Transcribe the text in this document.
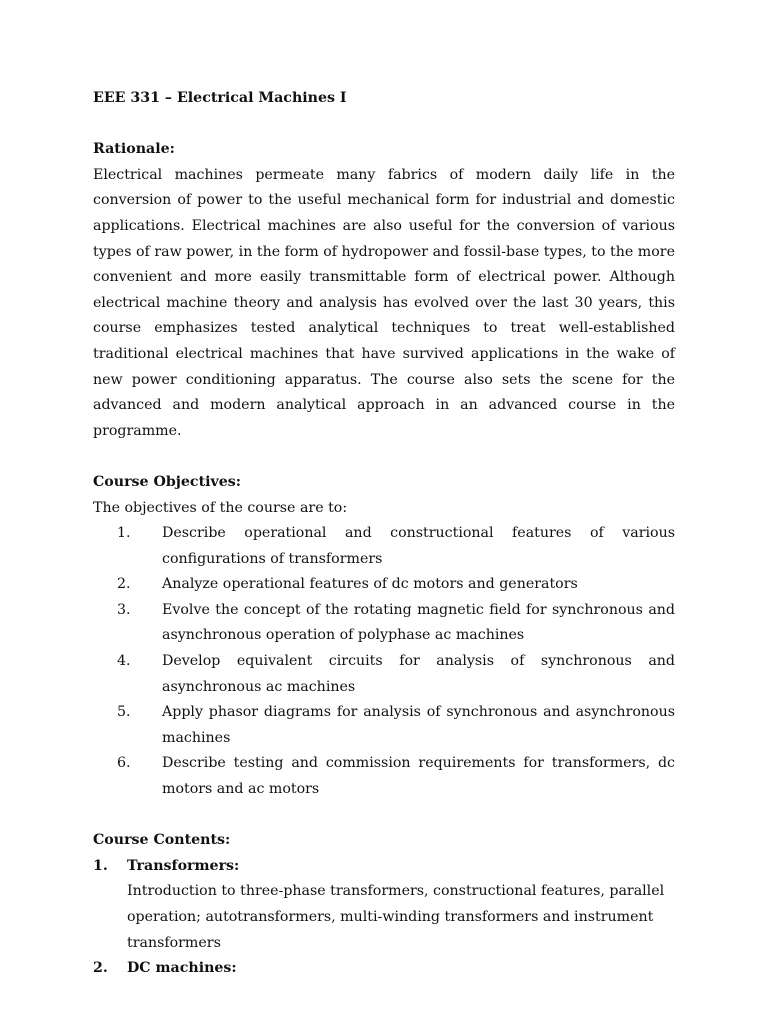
EEE 331 – Electrical Machines I
Rationale:
Electrical machines permeate many fabrics of modern daily life in the conversion of power to the useful mechanical form for industrial and domestic applications. Electrical machines are also useful for the conversion of various types of raw power, in the form of hydropower and fossil-base types, to the more convenient and more easily transmittable form of electrical power. Although electrical machine theory and analysis has evolved over the last 30 years, this course emphasizes tested analytical techniques to treat well-established traditional electrical machines that have survived applications in the wake of new power conditioning apparatus. The course also sets the scene for the advanced and modern analytical approach in an advanced course in the programme.
Course Objectives:
The objectives of the course are to:
1.	Describe operational and constructional features of various configurations of transformers
2.	Analyze operational features of dc motors and generators
3.	Evolve the concept of the rotating magnetic field for synchronous and asynchronous operation of polyphase ac machines
4.	Develop equivalent circuits for analysis of synchronous and asynchronous ac machines
5.	Apply phasor diagrams for analysis of synchronous and asynchronous machines
6.	Describe testing and commission requirements for transformers, dc motors and ac motors
Course Contents:
1.	Transformers:
Introduction to three-phase transformers, constructional features, parallel operation; autotransformers, multi-winding transformers and instrument transformers
2.	DC machines:
